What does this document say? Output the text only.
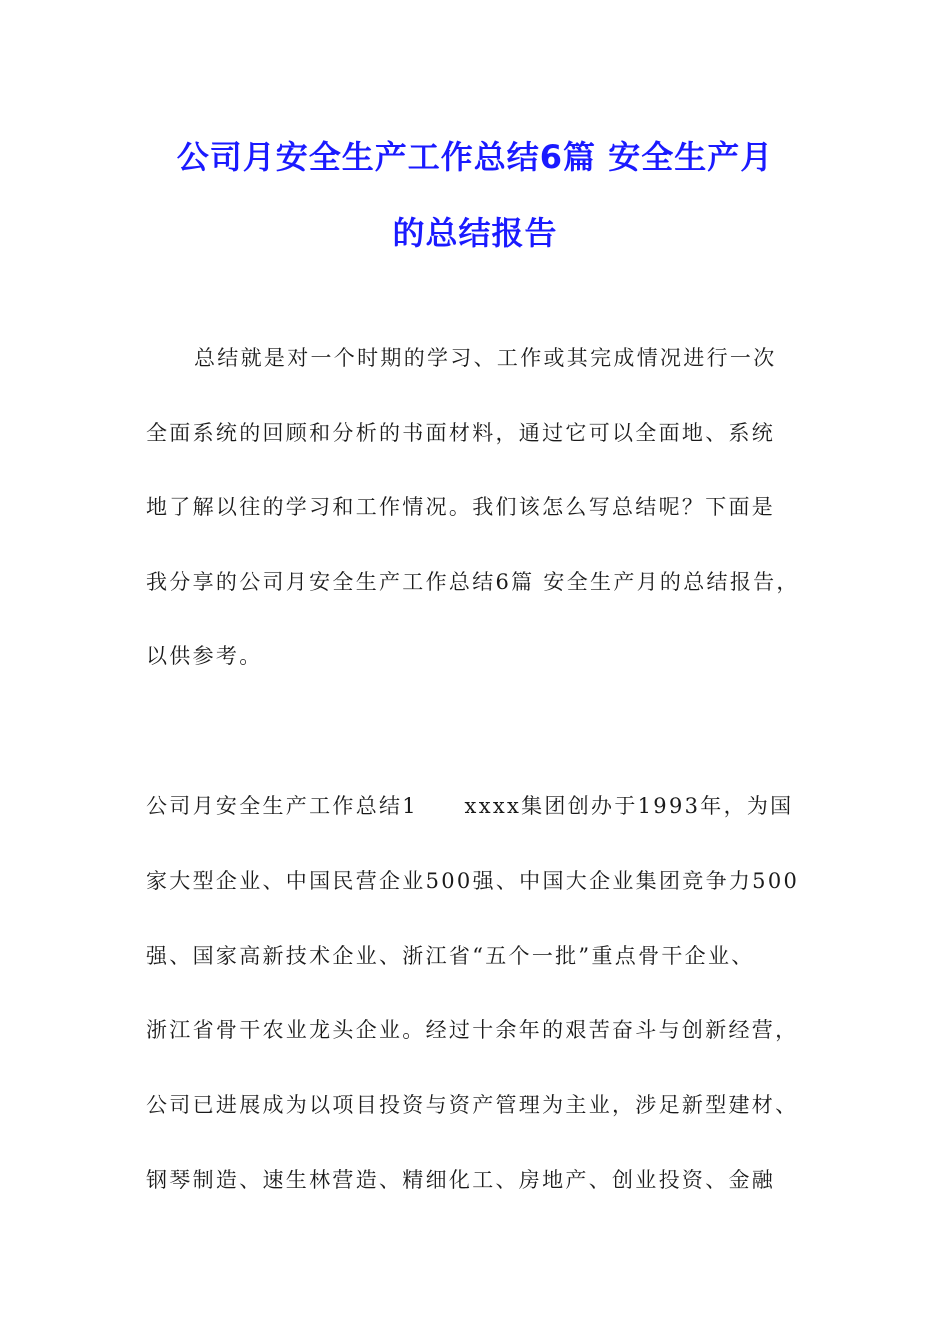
公司月安全生产工作总结6篇 安全生产月
的总结报告
总结就是对一个时期的学习、工作或其完成情况进行一次
全面系统的回顾和分析的书面材料，通过它可以全面地、系统
地了解以往的学习和工作情况。我们该怎么写总结呢？下面是
我分享的公司月安全生产工作总结6篇 安全生产月的总结报告，
以供参考。
公司月安全生产工作总结1　　xxxx集团创办于1993年，为国
家大型企业、中国民营企业500强、中国大企业集团竞争力500
强、国家高新技术企业、浙江省“五个一批”重点骨干企业、
浙江省骨干农业龙头企业。经过十余年的艰苦奋斗与创新经营，
公司已进展成为以项目投资与资产管理为主业，涉足新型建材、
钢琴制造、速生林营造、精细化工、房地产、创业投资、金融
